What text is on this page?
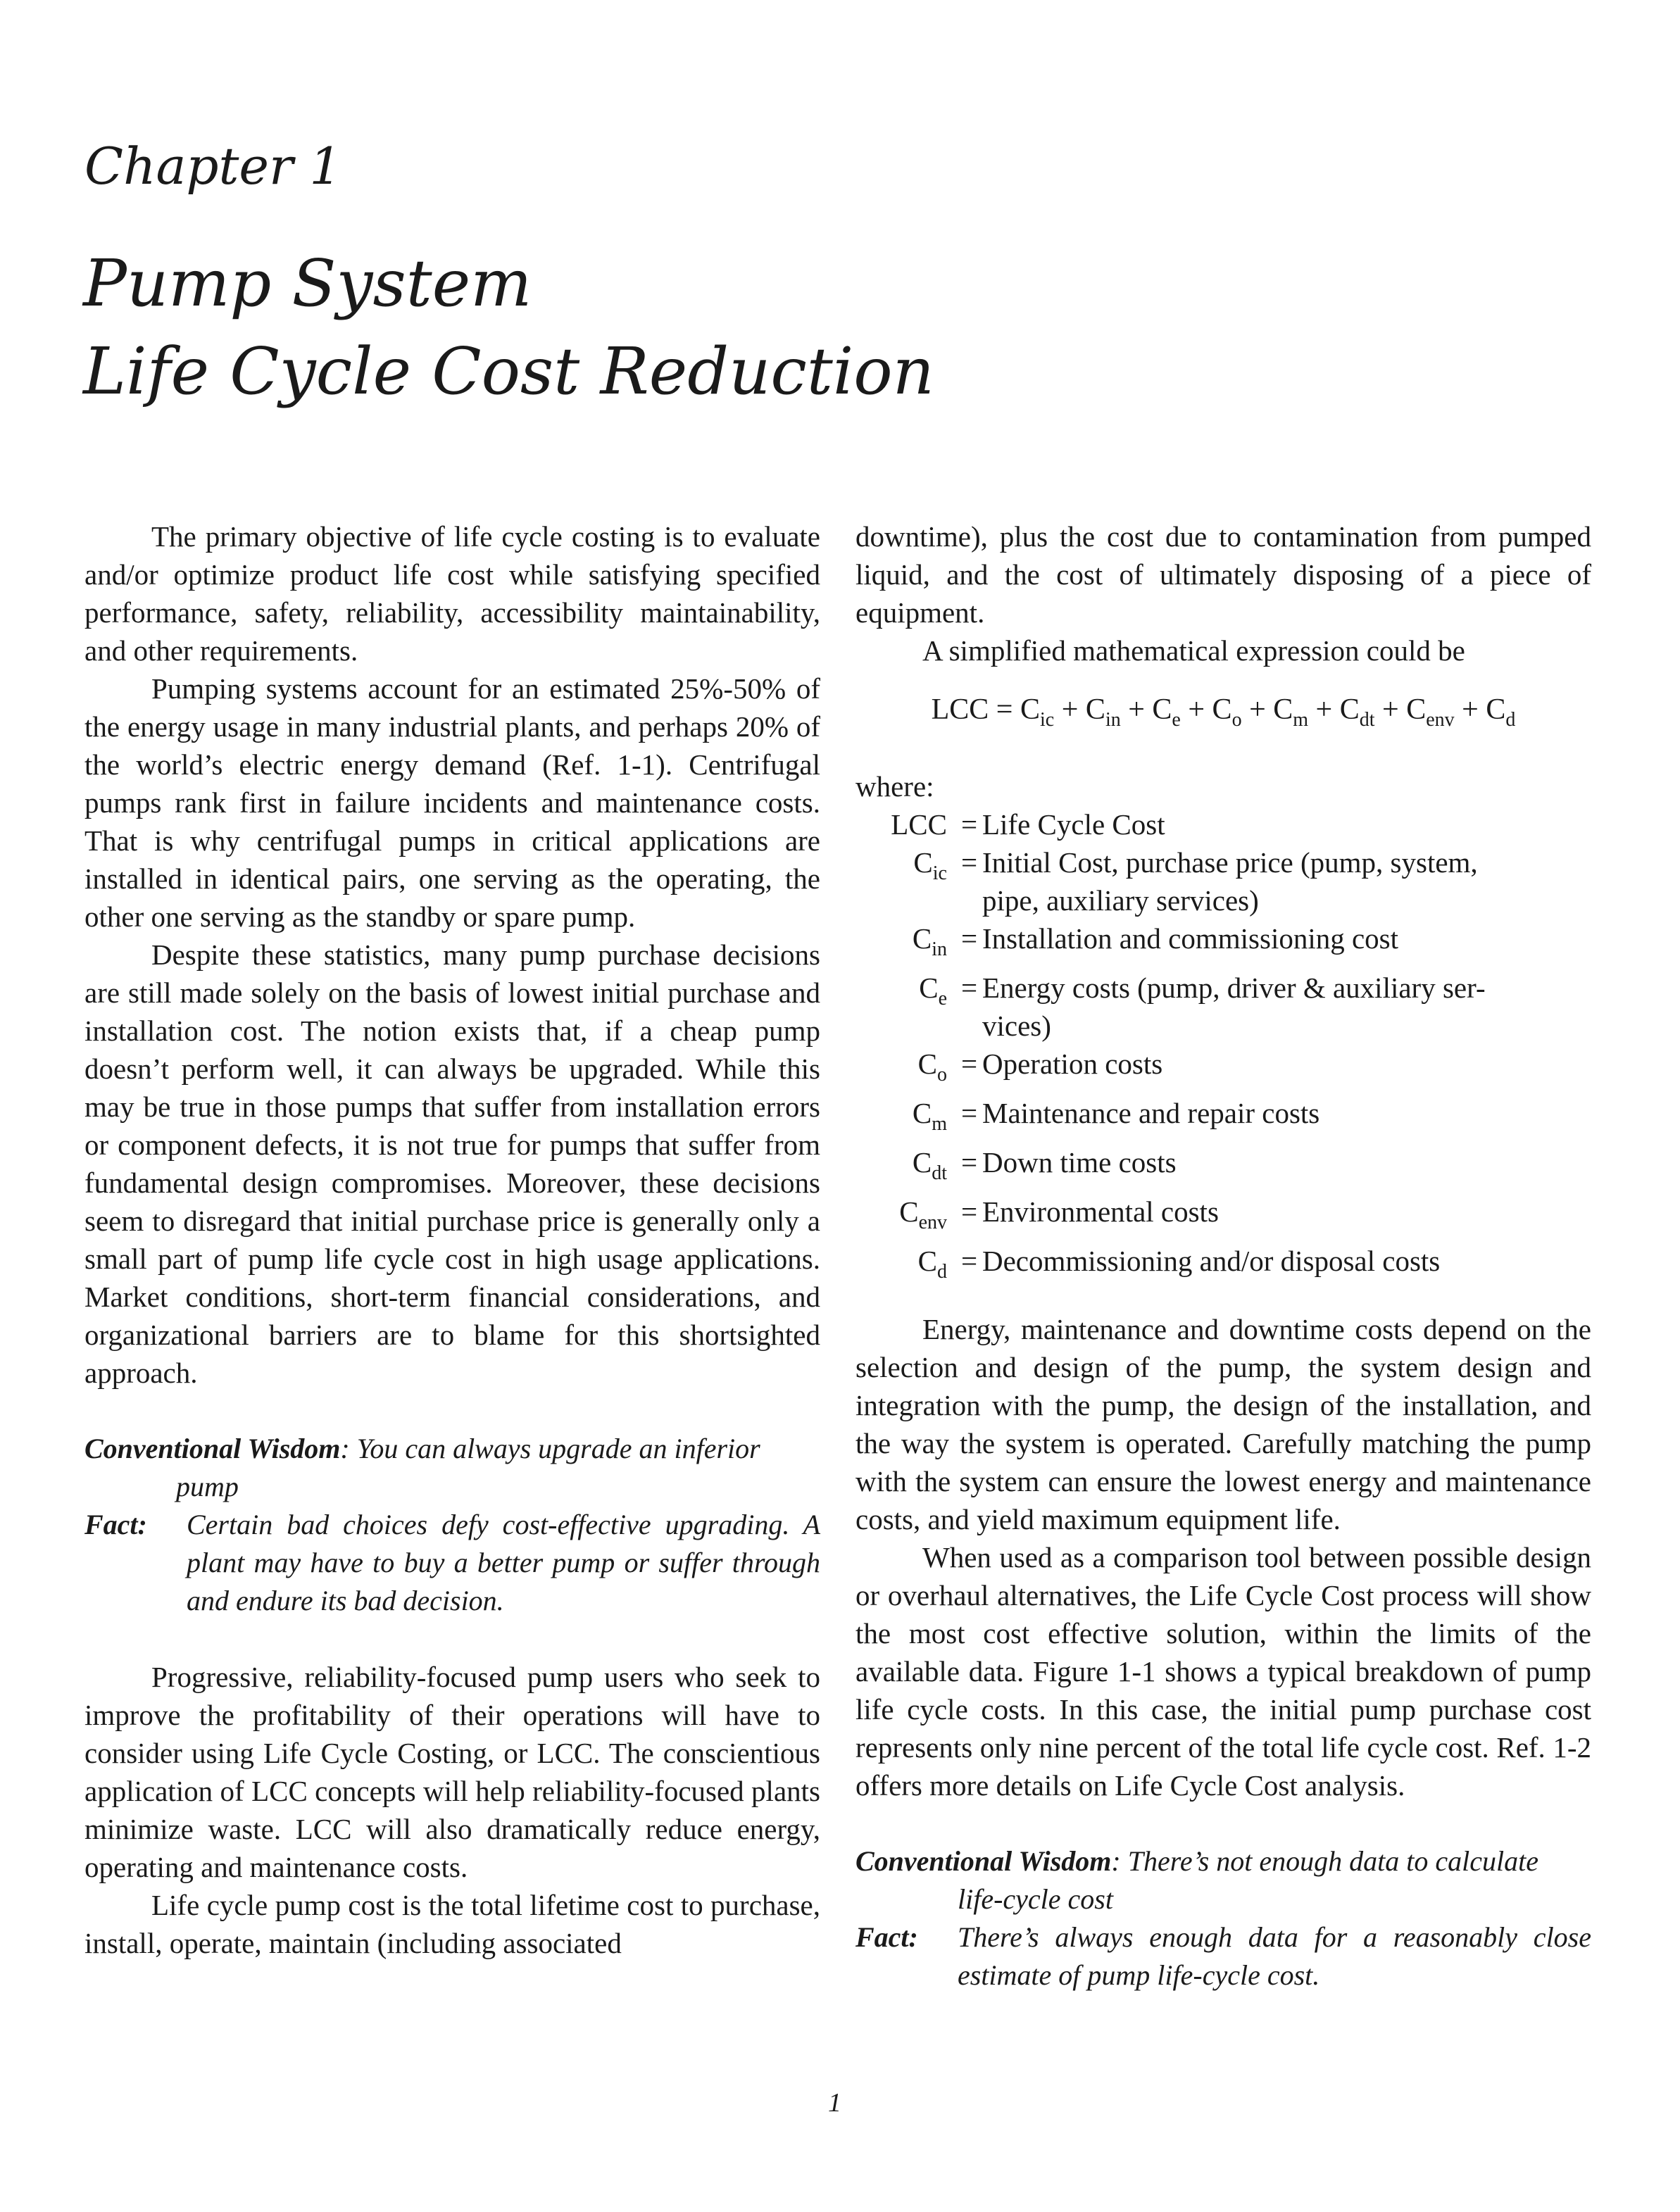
Chapter 1
Pump System
Life Cycle Cost Reduction

The primary objective of life cycle costing is to evaluate and/or optimize product life cost while satisfying specified performance, safety, reliability, accessibility maintainability, and other requirements.

Pumping systems account for an estimated 25%-50% of the energy usage in many industrial plants, and perhaps 20% of the world’s electric energy demand (Ref. 1-1). Centrifugal pumps rank first in failure incidents and maintenance costs. That is why centrifugal pumps in critical applications are installed in identical pairs, one serving as the operating, the other one serving as the standby or spare pump.

Despite these statistics, many pump purchase decisions are still made solely on the basis of lowest initial purchase and installation cost. The notion exists that, if a cheap pump doesn’t perform well, it can always be upgraded. While this may be true in those pumps that suffer from installation errors or component defects, it is not true for pumps that suffer from fundamental design compromises. Moreover, these decisions seem to disregard that initial purchase price is generally only a small part of pump life cycle cost in high usage applications. Market conditions, short-term financial considerations, and organizational barriers are to blame for this shortsighted approach.

Conventional Wisdom: You can always upgrade an inferior
pump
Fact:	Certain bad choices defy cost-effective upgrading. A plant may have to buy a better pump or suffer through and endure its bad decision.

Progressive, reliability-focused pump users who seek to improve the profitability of their operations will have to consider using Life Cycle Costing, or LCC. The conscientious application of LCC concepts will help reliability-focused plants minimize waste. LCC will also dramatically reduce energy, operating and maintenance costs.

Life cycle pump cost is the total lifetime cost to purchase, install, operate, maintain (including associated

downtime), plus the cost due to contamination from pumped liquid, and the cost of ultimately disposing of a piece of equipment.

A simplified mathematical expression could be

LCC = $C_{ic} + C_{in} + C_e + C_o + C_m + C_{dt} + C_{env} + C_d$

where:

LCC = Life Cycle Cost
$C_{ic}$ = Initial Cost, purchase price (pump, system,
pipe, auxiliary services)
$C_{in}$ = Installation and commissioning cost
$C_e$ = Energy costs (pump, driver & auxiliary ser-
vices)
$C_o$ = Operation costs
$C_m$ = Maintenance and repair costs
$C_{dt}$ = Down time costs
$C_{env}$ = Environmental costs
$C_d$ = Decommissioning and/or disposal costs

Energy, maintenance and downtime costs depend on the selection and design of the pump, the system design and integration with the pump, the design of the installation, and the way the system is operated. Carefully matching the pump with the system can ensure the lowest energy and maintenance costs, and yield maximum equipment life.

When used as a comparison tool between possible design or overhaul alternatives, the Life Cycle Cost process will show the most cost effective solution, within the limits of the available data. Figure 1-1 shows a typical breakdown of pump life cycle costs. In this case, the initial pump purchase cost represents only nine percent of the total life cycle cost. Ref. 1-2 offers more details on Life Cycle Cost analysis.

Conventional Wisdom: There’s not enough data to calculate
life-cycle cost
Fact:	There’s always enough data for a reasonably close estimate of pump life-cycle cost.
1
